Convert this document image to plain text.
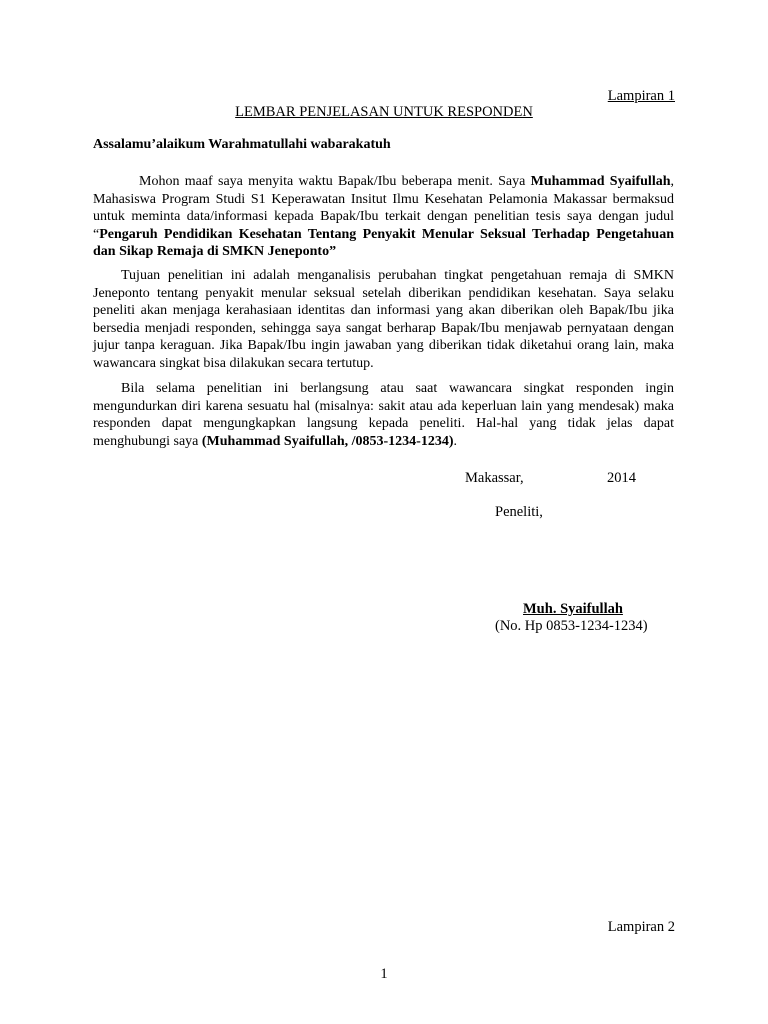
Lampiran 1
LEMBAR PENJELASAN UNTUK RESPONDEN
Assalamu’alaikum Warahmatullahi wabarakatuh

Mohon maaf saya menyita waktu Bapak/Ibu beberapa menit. Saya Muhammad Syaifullah, Mahasiswa Program Studi S1 Keperawatan Insitut Ilmu Kesehatan Pelamonia Makassar bermaksud untuk meminta data/informasi kepada Bapak/Ibu terkait dengan penelitian tesis saya dengan judul “Pengaruh Pendidikan Kesehatan Tentang Penyakit Menular Seksual Terhadap Pengetahuan dan Sikap Remaja di SMKN Jeneponto”

Tujuan penelitian ini adalah menganalisis perubahan tingkat pengetahuan remaja di SMKN Jeneponto tentang penyakit menular seksual setelah diberikan pendidikan kesehatan. Saya selaku peneliti akan menjaga kerahasiaan identitas dan informasi yang akan diberikan oleh Bapak/Ibu jika bersedia menjadi responden, sehingga saya sangat berharap Bapak/Ibu menjawab pernyataan dengan jujur tanpa keraguan. Jika Bapak/Ibu ingin jawaban yang diberikan tidak diketahui orang lain, maka wawancara singkat bisa dilakukan secara tertutup.

Bila selama penelitian ini berlangsung atau saat wawancara singkat responden ingin mengundurkan diri karena sesuatu hal (misalnya: sakit atau ada keperluan lain yang mendesak) maka responden dapat mengungkapkan langsung kepada peneliti. Hal-hal yang tidak jelas dapat menghubungi saya (Muhammad Syaifullah, /0853-1234-1234).

Makassar,	2014
Peneliti,
Muh. Syaifullah
(No. Hp 0853-1234-1234)
Lampiran 2
1
